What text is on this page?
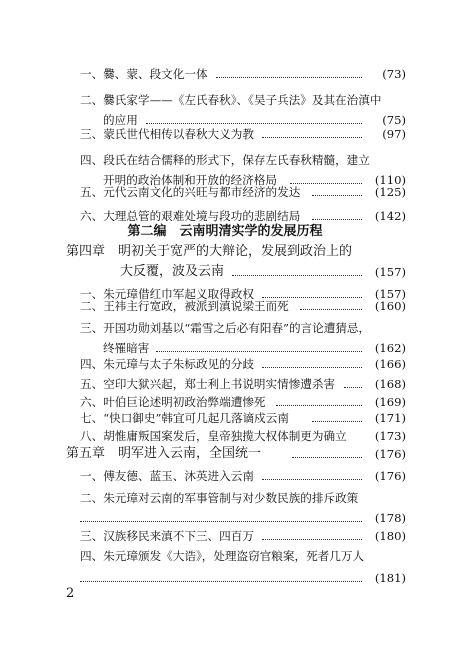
一、爨、蒙、段文化一体	(73)
二、爨氏家学——《左氏春秋》、《吴子兵法》及其在治滇中
的应用	(75)
三、蒙氏世代相传以春秋大义为教	(97)
四、段氏在结合儒释的形式下，保存左氏春秋精髓，建立
开明的政治体制和开放的经济格局	(110)
五、元代云南文化的兴旺与都市经济的发达	(125)
六、大理总管的艰难处境与段功的悲剧结局	(142)
第二编　云南明清实学的发展历程
第四章　明初关于宽严的大辩论，发展到政治上的
大反覆，波及云南	(157)
一、朱元璋借红巾军起义取得政权	(157)
二、王祎主行宽政，被派到滇说梁王而死	(160)
三、开国功勋刘基以“霜雪之后必有阳春”的言论遭猜忌，
终罹暗害	(162)
四、朱元璋与太子朱标政见的分歧	(166)
五、空印大狱兴起，郑士利上书说明实情惨遭杀害	(168)
六、叶伯巨论述明初政治弊端遭惨死	(169)
七、“快口御史”韩宜可几起几落谪戍云南	(171)
八、胡惟庸叛国案发后，皇帝独揽大权体制更为确立 (173)
第五章　明军进入云南，全国统一	(176)
一、傅友德、蓝玉、沐英进入云南	(176)
二、朱元璋对云南的军事管制与对少数民族的排斥政策
(178)
三、汉族移民来滇不下三、四百万	(180)
四、朱元璋颁发《大诰》，处理盗窃官粮案，死者几万人
(181)
2
